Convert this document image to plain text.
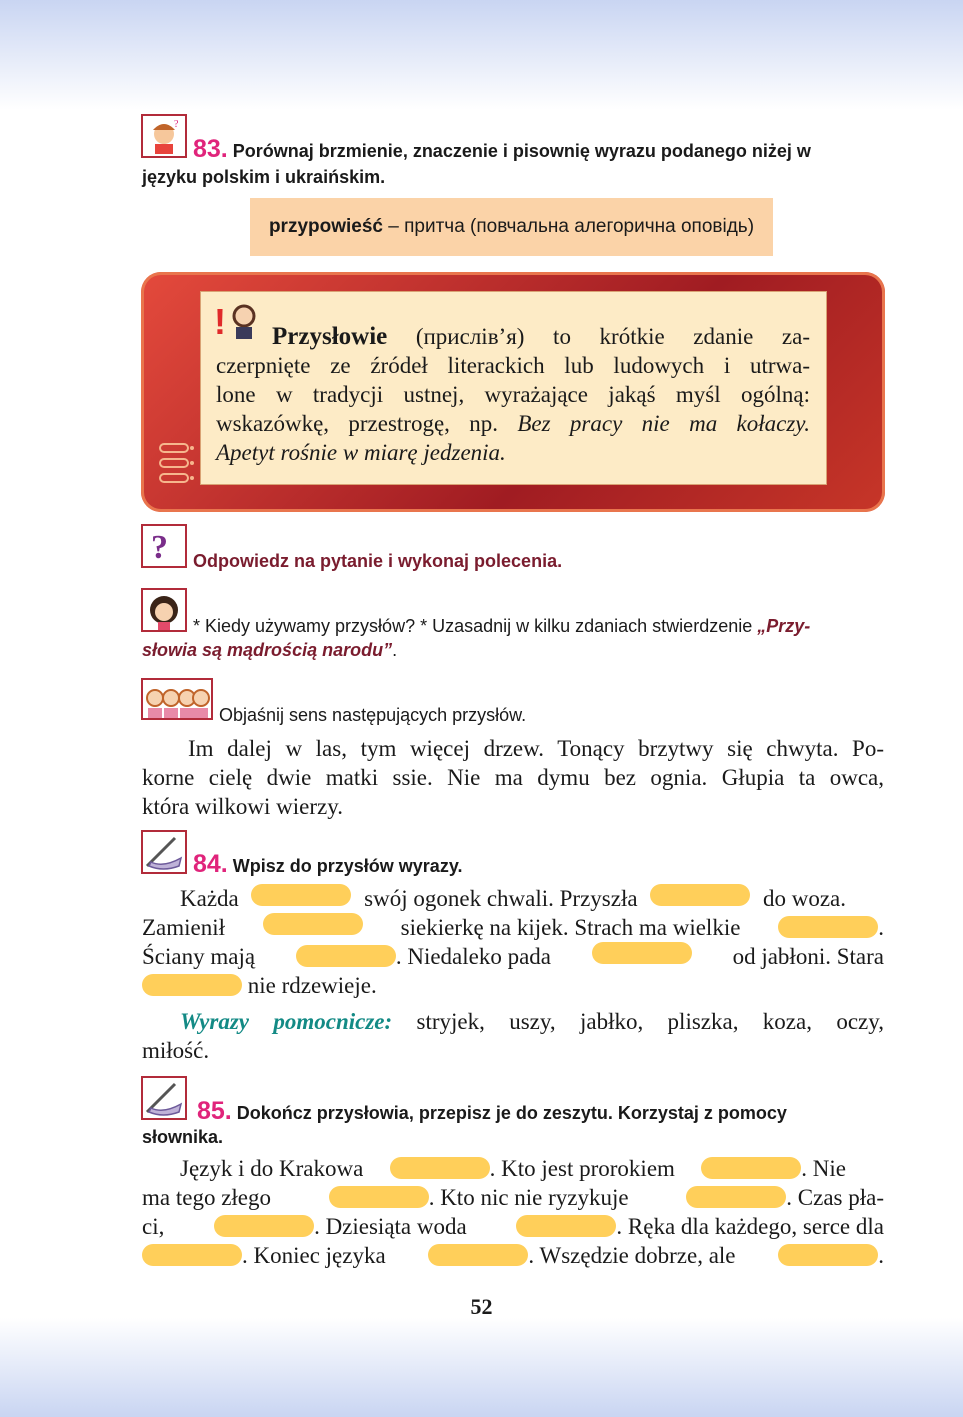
?
83. Porównaj brzmienie, znaczenie i pisownię wyrazu podanego niżej w
języku polskim i ukraińskim.
przypowieść – притча (повчальна алегорична оповідь)
!	Przysłowie (прислів’я) to krótkie zdanie za-
czerpnięte ze źródeł literackich lub ludowych i utrwa-
lone w tradycji ustnej, wyrażające jakąś myśl ogólną:
wskazówkę, przestrogę, np. Bez pracy nie ma kołaczy.
Apetyt rośnie w miarę jedzenia.
? Odpowiedz na pytanie i wykonaj polecenia.
* Kiedy używamy przysłów? * Uzasadnij w kilku zdaniach stwierdzenie „Przy-
słowia są mądrością narodu”.
Objaśnij sens następujących przysłów.
Im dalej w las, tym więcej drzew. Tonący brzytwy się chwyta. Po-
korne cielę dwie matki ssie. Nie ma dymu bez ognia. Głupia ta owca,
która wilkowi wierzy.
84. Wpisz do przysłów wyrazy.
Każda	swój ogonek chwali. Przyszła	do woza.
Zamienił	siekierkę na kijek. Strach ma wielkie	.
Ściany mają	. Niedaleko pada	od jabłoni. Stara
nie rdzewieje.
Wyrazy pomocnicze: stryjek, uszy, jabłko, pliszka, koza, oczy,
miłość.
85. Dokończ przysłowia, przepisz je do zeszytu. Korzystaj z pomocy
słownika.
Język i do Krakowa	. Kto jest prorokiem	. Nie
ma tego złego	. Kto nic nie ryzykuje	. Czas pła-
ci,	. Dziesiąta woda	. Ręka dla każdego, serce dla
. Koniec języka	. Wszędzie dobrze, ale	.
52
